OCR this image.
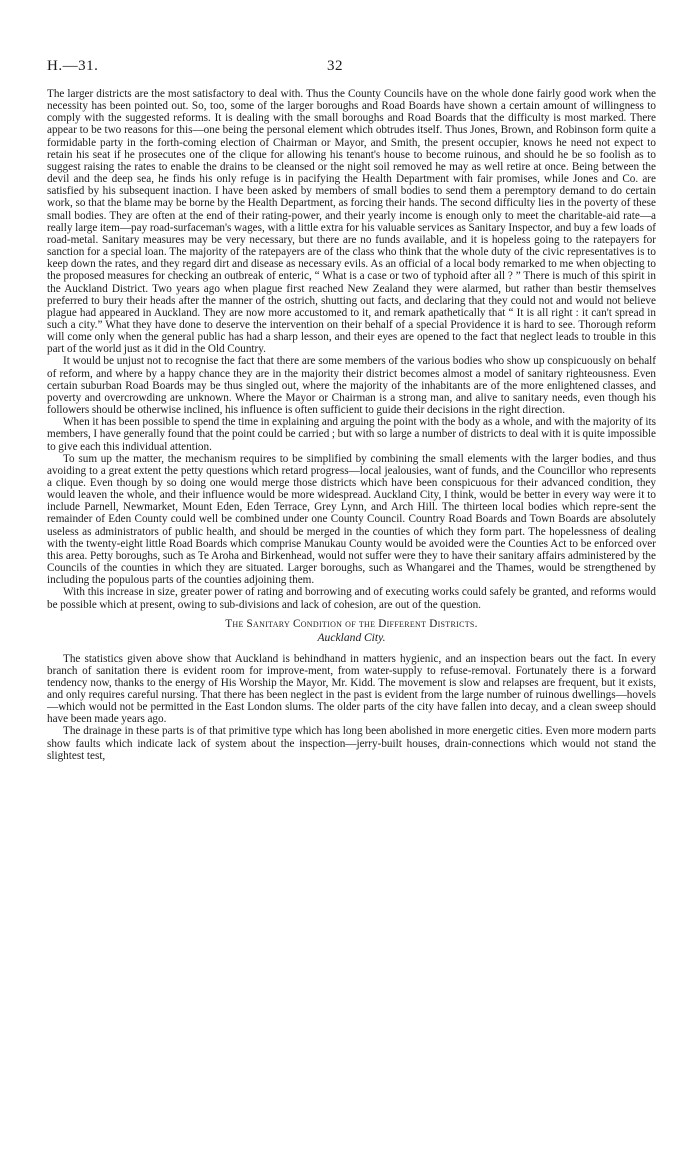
H.—31.	32

The larger districts are the most satisfactory to deal with. Thus the County Councils have on the whole done fairly good work when the necessity has been pointed out. So, too, some of the larger boroughs and Road Boards have shown a certain amount of willingness to comply with the suggested reforms. It is dealing with the small boroughs and Road Boards that the difficulty is most marked. There appear to be two reasons for this—one being the personal element which obtrudes itself. Thus Jones, Brown, and Robinson form quite a formidable party in the forth-coming election of Chairman or Mayor, and Smith, the present occupier, knows he need not expect to retain his seat if he prosecutes one of the clique for allowing his tenant's house to become ruinous, and should he be so foolish as to suggest raising the rates to enable the drains to be cleansed or the night soil removed he may as well retire at once. Being between the devil and the deep sea, he finds his only refuge is in pacifying the Health Department with fair promises, while Jones and Co. are satisfied by his subsequent inaction. I have been asked by members of small bodies to send them a peremptory demand to do certain work, so that the blame may be borne by the Health Department, as forcing their hands. The second difficulty lies in the poverty of these small bodies. They are often at the end of their rating-power, and their yearly income is enough only to meet the charitable-aid rate—a really large item—pay road-surfaceman's wages, with a little extra for his valuable services as Sanitary Inspector, and buy a few loads of road-metal. Sanitary measures may be very necessary, but there are no funds available, and it is hopeless going to the ratepayers for sanction for a special loan. The majority of the ratepayers are of the class who think that the whole duty of the civic representatives is to keep down the rates, and they regard dirt and disease as necessary evils. As an official of a local body remarked to me when objecting to the proposed measures for checking an outbreak of enteric, “ What is a case or two of typhoid after all ? ” There is much of this spirit in the Auckland District. Two years ago when plague first reached New Zealand they were alarmed, but rather than bestir themselves preferred to bury their heads after the manner of the ostrich, shutting out facts, and declaring that they could not and would not believe plague had appeared in Auckland. They are now more accustomed to it, and remark apathetically that “ It is all right : it can't spread in such a city.” What they have done to deserve the intervention on their behalf of a special Providence it is hard to see. Thorough reform will come only when the general public has had a sharp lesson, and their eyes are opened to the fact that neglect leads to trouble in this part of the world just as it did in the Old Country.

It would be unjust not to recognise the fact that there are some members of the various bodies who show up conspicuously on behalf of reform, and where by a happy chance they are in the majority their district becomes almost a model of sanitary righteousness. Even certain suburban Road Boards may be thus singled out, where the majority of the inhabitants are of the more enlightened classes, and poverty and overcrowding are unknown. Where the Mayor or Chairman is a strong man, and alive to sanitary needs, even though his followers should be otherwise inclined, his influence is often sufficient to guide their decisions in the right direction.

When it has been possible to spend the time in explaining and arguing the point with the body as a whole, and with the majority of its members, I have generally found that the point could be carried ; but with so large a number of districts to deal with it is quite impossible to give each this individual attention.

To sum up the matter, the mechanism requires to be simplified by combining the small elements with the larger bodies, and thus avoiding to a great extent the petty questions which retard progress—local jealousies, want of funds, and the Councillor who represents a clique. Even though by so doing one would merge those districts which have been conspicuous for their advanced condition, they would leaven the whole, and their influence would be more widespread. Auckland City, I think, would be better in every way were it to include Parnell, Newmarket, Mount Eden, Eden Terrace, Grey Lynn, and Arch Hill. The thirteen local bodies which repre-sent the remainder of Eden County could well be combined under one County Council. Country Road Boards and Town Boards are absolutely useless as administrators of public health, and should be merged in the counties of which they form part. The hopelessness of dealing with the twenty-eight little Road Boards which comprise Manukau County would be avoided were the Counties Act to be enforced over this area. Petty boroughs, such as Te Aroha and Birkenhead, would not suffer were they to have their sanitary affairs administered by the Councils of the counties in which they are situated. Larger boroughs, such as Whangarei and the Thames, would be strengthened by including the populous parts of the counties adjoining them.

With this increase in size, greater power of rating and borrowing and of executing works could safely be granted, and reforms would be possible which at present, owing to sub-divisions and lack of cohesion, are out of the question.

The Sanitary Condition of the Different Districts.
Auckland City.

The statistics given above show that Auckland is behindhand in matters hygienic, and an inspection bears out the fact. In every branch of sanitation there is evident room for improve-ment, from water-supply to refuse-removal. Fortunately there is a forward tendency now, thanks to the energy of His Worship the Mayor, Mr. Kidd. The movement is slow and relapses are frequent, but it exists, and only requires careful nursing. That there has been neglect in the past is evident from the large number of ruinous dwellings—hovels—which would not be permitted in the East London slums. The older parts of the city have fallen into decay, and a clean sweep should have been made years ago.

The drainage in these parts is of that primitive type which has long been abolished in more energetic cities. Even more modern parts show faults which indicate lack of system about the inspection—jerry-built houses, drain-connections which would not stand the slightest test,
